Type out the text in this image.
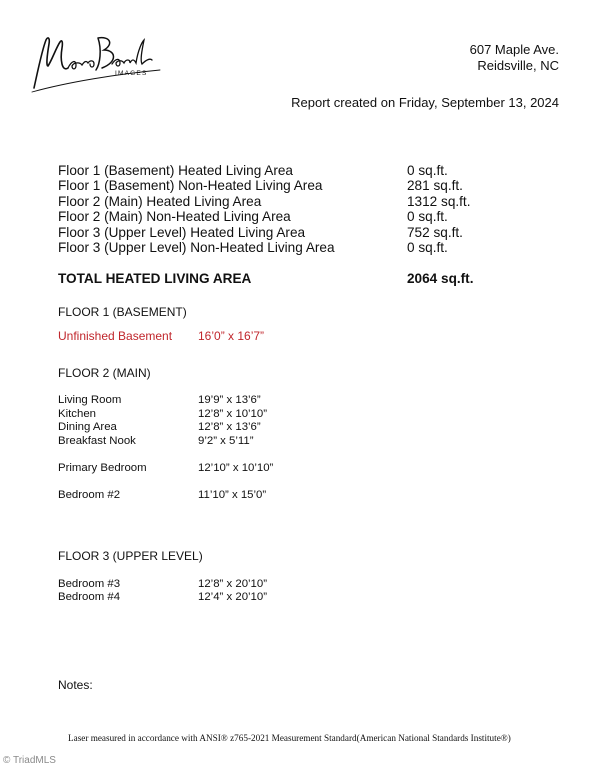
IMAGES
607 Maple Ave.
Reidsville, NC
Report created on Friday, September 13, 2024
Floor 1 (Basement) Heated Living Area	0 sq.ft.
Floor 1 (Basement) Non-Heated Living Area	281 sq.ft.
Floor 2 (Main) Heated Living Area	1312 sq.ft.
Floor 2 (Main) Non-Heated Living Area	0 sq.ft.
Floor 3 (Upper Level) Heated Living Area	752 sq.ft.
Floor 3 (Upper Level) Non-Heated Living Area	0 sq.ft.
TOTAL HEATED LIVING AREA	2064 sq.ft.
FLOOR 1 (BASEMENT)
Unfinished Basement 16’0” x 16’7”
FLOOR 2 (MAIN)
Living Room	19’9” x 13’6”
Kitchen	12’8” x 10’10”
Dining Area	12’8” x 13’6”
Breakfast Nook	9’2” x 5’11”
Primary Bedroom	12’10” x 10’10”
Bedroom #2	11’10” x 15’0”
FLOOR 3 (UPPER LEVEL)
Bedroom #3	12’8” x 20’10”
Bedroom #4	12’4” x 20’10”
Notes:
Laser measured in accordance with ANSI® z765-2021 Measurement Standard(American National Standards Institute®)
© TriadMLS
